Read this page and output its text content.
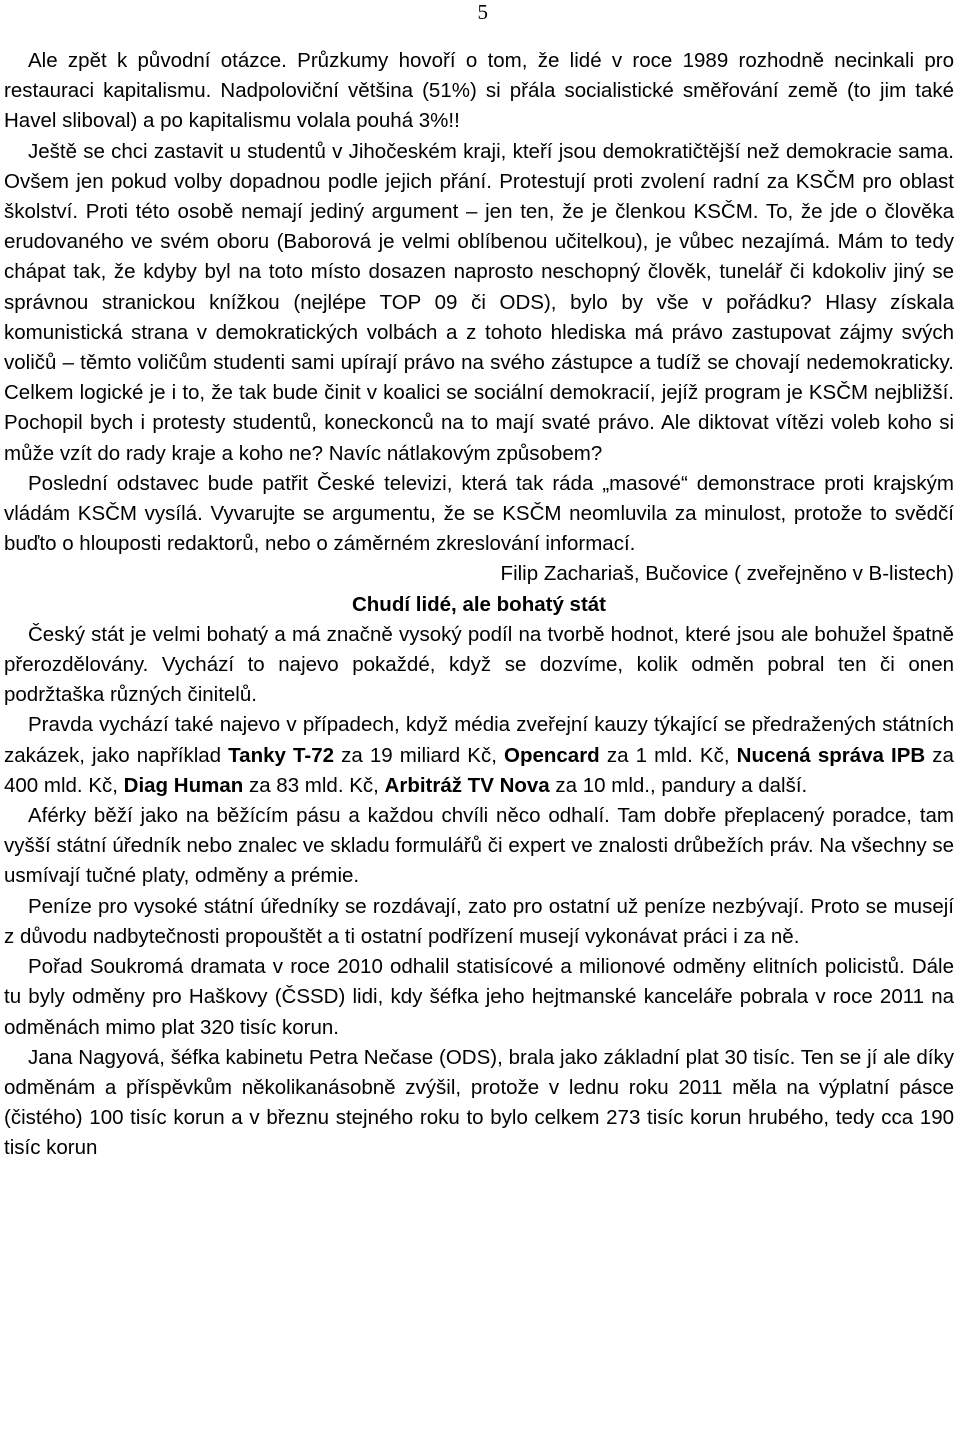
5

Ale zpět k původní otázce. Průzkumy hovoří o tom, že lidé v roce 1989 rozhodně necinkali pro restauraci kapitalismu. Nadpoloviční většina (51%) si přála socialistické směřování země (to jim také Havel sliboval) a po kapitalismu volala pouhá 3%!!

Ještě se chci zastavit u studentů v Jihočeském kraji, kteří jsou demokratičtější než demokracie sama. Ovšem jen pokud volby dopadnou podle jejich přání. Protestují proti zvolení radní za KSČM pro oblast školství. Proti této osobě nemají jediný argument – jen ten, že je členkou KSČM. To, že jde o člověka erudovaného ve svém oboru (Baborová je velmi oblíbenou učitelkou), je vůbec nezajímá. Mám to tedy chápat tak, že kdyby byl na toto místo dosazen naprosto neschopný člověk, tunelář či kdokoliv jiný se správnou stranickou knížkou (nejlépe TOP 09 či ODS), bylo by vše v pořádku? Hlasy získala komunistická strana v demokratických volbách a z tohoto hlediska má právo zastupovat zájmy svých voličů – těmto voličům studenti sami upírají právo na svého zástupce a tudíž se chovají nedemokraticky. Celkem logické je i to, že tak bude činit v koalici se sociální demokracií, jejíž program je KSČM nejbližší. Pochopil bych i protesty studentů, koneckonců na to mají svaté právo. Ale diktovat vítězi voleb koho si může vzít do rady kraje a koho ne? Navíc nátlakovým způsobem?

Poslední odstavec bude patřit České televizi, která tak ráda „masové“ demonstrace proti krajským vládám KSČM vysílá. Vyvarujte se argumentu, že se KSČM neomluvila za minulost, protože to svědčí buďto o hlouposti redaktorů, nebo o záměrném zkreslování informací.

Filip Zachariaš, Bučovice ( zveřejněno v B-listech)

Chudí lidé, ale bohatý stát

Český stát je velmi bohatý a má značně vysoký podíl na tvorbě hodnot, které jsou ale bohužel špatně přerozdělovány. Vychází to najevo pokaždé, když se dozvíme, kolik odměn pobral ten či onen podržtaška různých činitelů.

Pravda vychází také najevo v případech, když média zveřejní kauzy týkající se předražených státních zakázek, jako například Tanky T-72 za 19 miliard Kč, Opencard za 1 mld. Kč, Nucená správa IPB za 400 mld. Kč, Diag Human za 83 mld. Kč, Arbitráž TV Nova za 10 mld., pandury a další.

Aférky běží jako na běžícím pásu a každou chvíli něco odhalí. Tam dobře přeplacený poradce, tam vyšší státní úředník nebo znalec ve skladu formulářů či expert ve znalosti drůbežích práv. Na všechny se usmívají tučné platy, odměny a prémie.

Peníze pro vysoké státní úředníky se rozdávají, zato pro ostatní už peníze nezbývají. Proto se musejí z důvodu nadbytečnosti propouštět a ti ostatní podřízení musejí vykonávat práci i za ně.

Pořad Soukromá dramata v roce 2010 odhalil statisícové a milionové odměny elitních policistů. Dále tu byly odměny pro Haškovy (ČSSD) lidi, kdy šéfka jeho hejtmanské kanceláře pobrala v roce 2011 na odměnách mimo plat 320 tisíc korun.

Jana Nagyová, šéfka kabinetu Petra Nečase (ODS), brala jako základní plat 30 tisíc. Ten se jí ale díky odměnám a příspěvkům několikanásobně zvýšil, protože v lednu roku 2011 měla na výplatní pásce (čistého) 100 tisíc korun a v březnu stejného roku to bylo celkem 273 tisíc korun hrubého, tedy cca 190 tisíc korun
